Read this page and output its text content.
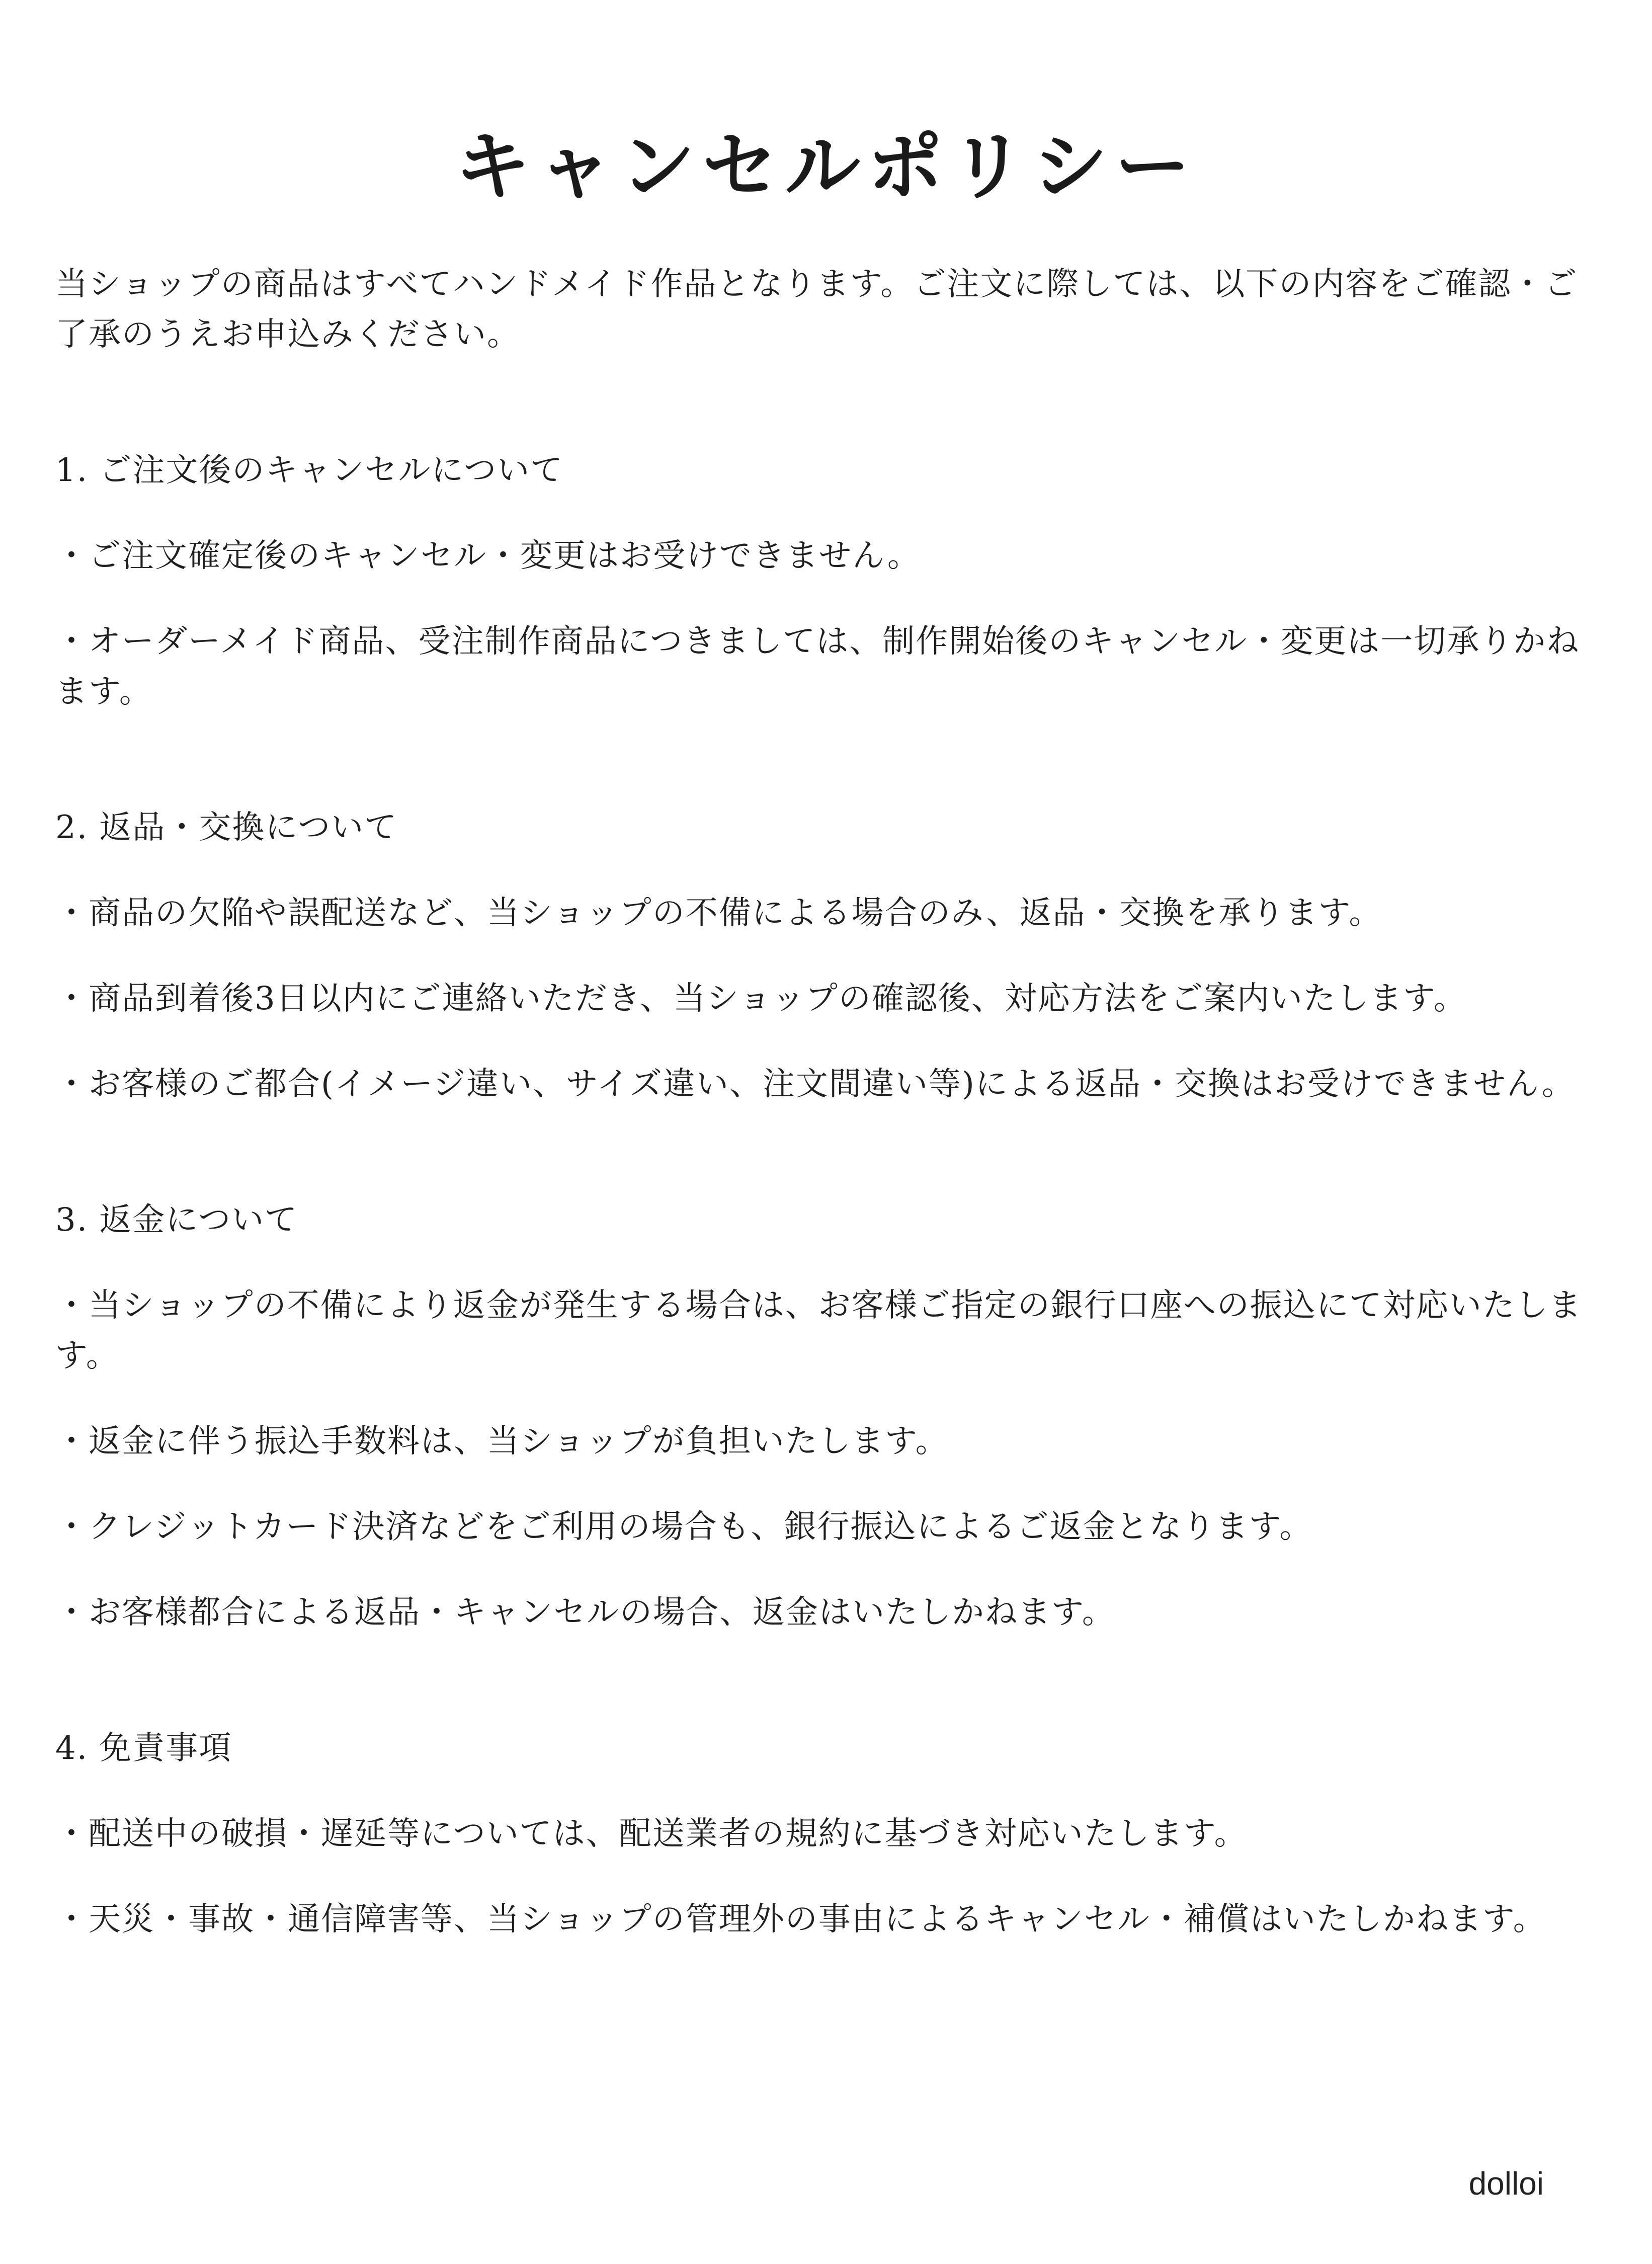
キャンセルポリシー

当ショップの商品はすべてハンドメイド作品となります。ご注文に際しては、以下の内容をご確認・ご了承のうえお申込みください。

1. ご注文後のキャンセルについて

・ご注文確定後のキャンセル・変更はお受けできません。

・オーダーメイド商品、受注制作商品につきましては、制作開始後のキャンセル・変更は一切承りかねます。

2. 返品・交換について

・商品の欠陥や誤配送など、当ショップの不備による場合のみ、返品・交換を承ります。

・商品到着後3日以内にご連絡いただき、当ショップの確認後、対応方法をご案内いたします。

・お客様のご都合(イメージ違い、サイズ違い、注文間違い等)による返品・交換はお受けできません。

3. 返金について

・当ショップの不備により返金が発生する場合は、お客様ご指定の銀行口座への振込にて対応いたします。

・返金に伴う振込手数料は、当ショップが負担いたします。

・クレジットカード決済などをご利用の場合も、銀行振込によるご返金となります。

・お客様都合による返品・キャンセルの場合、返金はいたしかねます。

4. 免責事項

・配送中の破損・遅延等については、配送業者の規約に基づき対応いたします。

・天災・事故・通信障害等、当ショップの管理外の事由によるキャンセル・補償はいたしかねます。

dolloi
